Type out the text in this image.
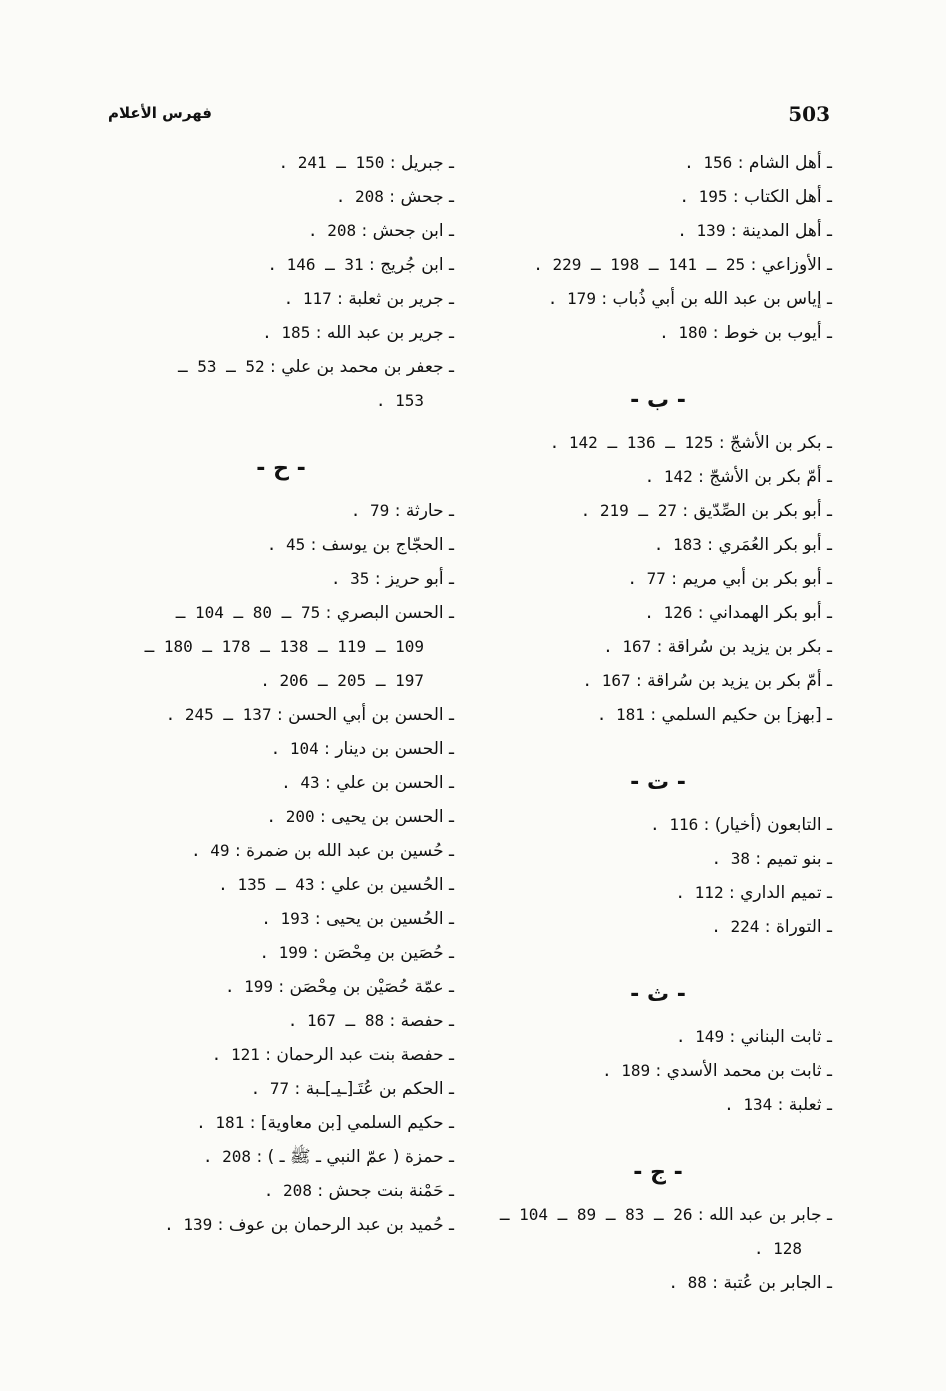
فهرس الأعلام	503
ـ أهل الشام : 156 .
ـ أهل الكتاب : 195 .
ـ أهل المدينة : 139 .
ـ الأوزاعي : 25 ـ 141 ـ 198 ـ 229 .
ـ إياس بن عبد الله بن أبي ذُباب : 179 .
ـ أيوب بن خوط : 180 .
- ب -
ـ بكر بن الأشجّ : 125 ـ 136 ـ 142 .
ـ أمّ بكر بن الأشجّ : 142 .
ـ أبو بكر بن الصِّدّيق : 27 ـ 219 .
ـ أبو بكر العُمَري : 183 .
ـ أبو بكر بن أبي مريم : 77 .
ـ أبو بكر الهمداني : 126 .
ـ بكر بن يزيد بن سُراقة : 167 .
ـ أمّ بكر بن يزيد بن سُراقة : 167 .
ـ [بهز] بن حكيم السلمي : 181 .
- ت -
ـ التابعون (أخيار) : 116 .
ـ بنو تميم : 38 .
ـ تميم الداري : 112 .
ـ التوراة : 224 .
- ث -
ـ ثابت البناني : 149 .
ـ ثابت بن محمد الأسدي : 189 .
ـ ثعلبة : 134 .
- ج -
ـ جابر بن عبد الله : 26 ـ 83 ـ 89 ـ 104 ـ
128 .
ـ الجابر بن عُتبة : 88 .
ـ جبريل : 150 ـ 241 .
ـ جحش : 208 .
ـ ابن جحش : 208 .
ـ ابن جُريج : 31 ـ 146 .
ـ جرير بن ثعلبة : 117 .
ـ جرير بن عبد الله : 185 .
ـ جعفر بن محمد بن علي : 52 ـ 53 ـ
153 .
- ح -
ـ حارثة : 79 .
ـ الحجّاج بن يوسف : 45 .
ـ أبو حريز : 35 .
ـ الحسن البصري : 75 ـ 80 ـ 104 ـ
109 ـ 119 ـ 138 ـ 178 ـ 180 ـ
197 ـ 205 ـ 206 .
ـ الحسن بن أبي الحسن : 137 ـ 245 .
ـ الحسن بن دينار : 104 .
ـ الحسن بن علي : 43 .
ـ الحسن بن يحيى : 200 .
ـ حُسين بن عبد الله بن ضمرة : 49 .
ـ الحُسين بن علي : 43 ـ 135 .
ـ الحُسين بن يحيى : 193 .
ـ حُصَين بن مِحْصَن : 199 .
ـ عمّة حُصَيْن بن مِحْصَن : 199 .
ـ حفصة : 88 ـ 167 .
ـ حفصة بنت عبد الرحمان : 121 .
ـ الحكم بن عُتَـ[ـيـ]ـبة : 77 .
ـ حكيم السلمي [بن معاوية] : 181 .
ـ حمزة ( عمّ النبي ـ ﷺ ـ ) : 208 .
ـ حَمْنة بنت جحش : 208 .
ـ حُميد بن عبد الرحمان بن عوف : 139 .
